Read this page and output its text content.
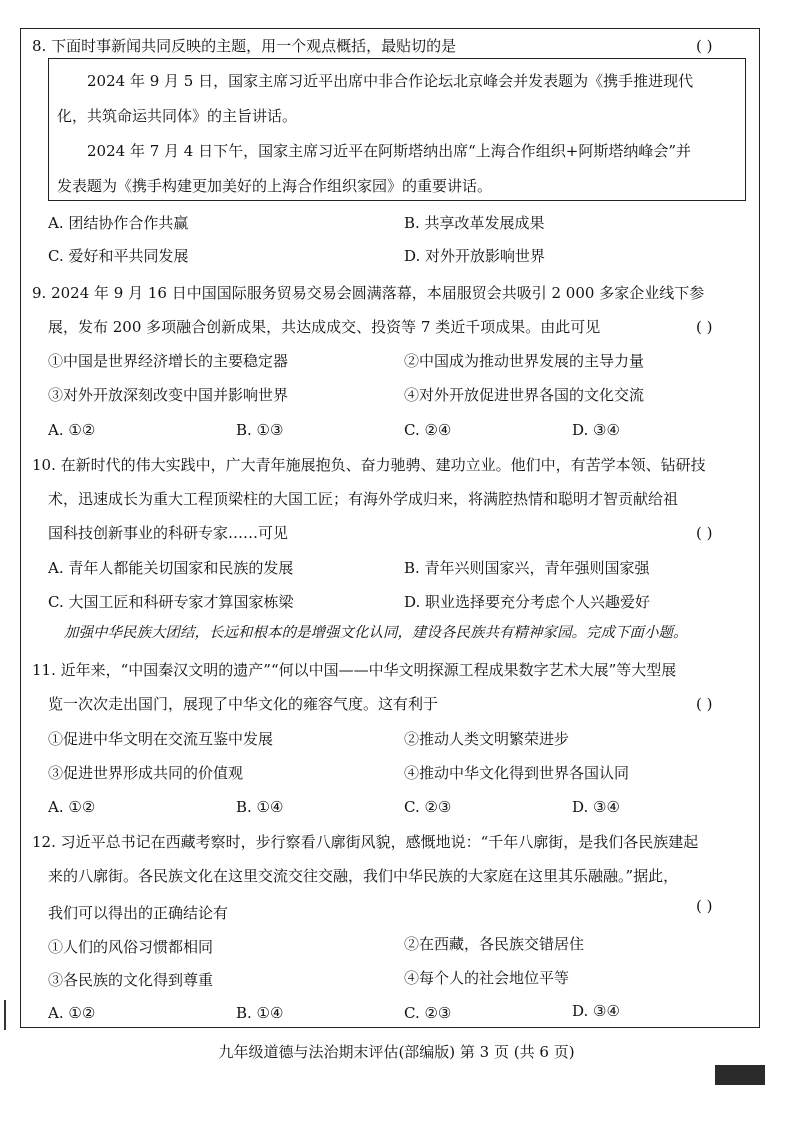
8. 下面时事新闻共同反映的主题，用一个观点概括，最贴切的是	( )
2024 年 9 月 5 日，国家主席习近平出席中非合作论坛北京峰会并发表题为《携手推进现代
化，共筑命运共同体》的主旨讲话。
2024 年 7 月 4 日下午，国家主席习近平在阿斯塔纳出席“上海合作组织+阿斯塔纳峰会”并
发表题为《携手构建更加美好的上海合作组织家园》的重要讲话。
A. 团结协作合作共赢	B. 共享改革发展成果
C. 爱好和平共同发展	D. 对外开放影响世界
9. 2024 年 9 月 16 日中国国际服务贸易交易会圆满落幕，本届服贸会共吸引 2 000 多家企业线下参
展，发布 200 多项融合创新成果，共达成成交、投资等 7 类近千项成果。由此可见	( )
①中国是世界经济增长的主要稳定器	②中国成为推动世界发展的主导力量
③对外开放深刻改变中国并影响世界	④对外开放促进世界各国的文化交流
A. ①②	B. ①③	C. ②④	D. ③④
10. 在新时代的伟大实践中，广大青年施展抱负、奋力驰骋、建功立业。他们中，有苦学本领、钻研技
术，迅速成长为重大工程顶梁柱的大国工匠；有海外学成归来，将满腔热情和聪明才智贡献给祖
国科技创新事业的科研专家……可见	( )
A. 青年人都能关切国家和民族的发展	B. 青年兴则国家兴，青年强则国家强
C. 大国工匠和科研专家才算国家栋梁	D. 职业选择要充分考虑个人兴趣爱好
加强中华民族大团结，长远和根本的是增强文化认同，建设各民族共有精神家园。完成下面小题。
11. 近年来，“中国秦汉文明的遗产”“何以中国——中华文明探源工程成果数字艺术大展”等大型展
览一次次走出国门，展现了中华文化的雍容气度。这有利于	( )
①促进中华文明在交流互鉴中发展	②推动人类文明繁荣进步
③促进世界形成共同的价值观	④推动中华文化得到世界各国认同
A. ①②	B. ①④	C. ②③	D. ③④
12. 习近平总书记在西藏考察时，步行察看八廓街风貌，感慨地说：“千年八廓街，是我们各民族建起
来的八廓街。各民族文化在这里交流交往交融，我们中华民族的大家庭在这里其乐融融。”据此，
我们可以得出的正确结论有	( )
①人们的风俗习惯都相同	②在西藏，各民族交错居住
③各民族的文化得到尊重	④每个人的社会地位平等
A. ①②	B. ①④	C. ②③	D. ③④
九年级道德与法治期末评估(部编版) 第 3 页 (共 6 页)
